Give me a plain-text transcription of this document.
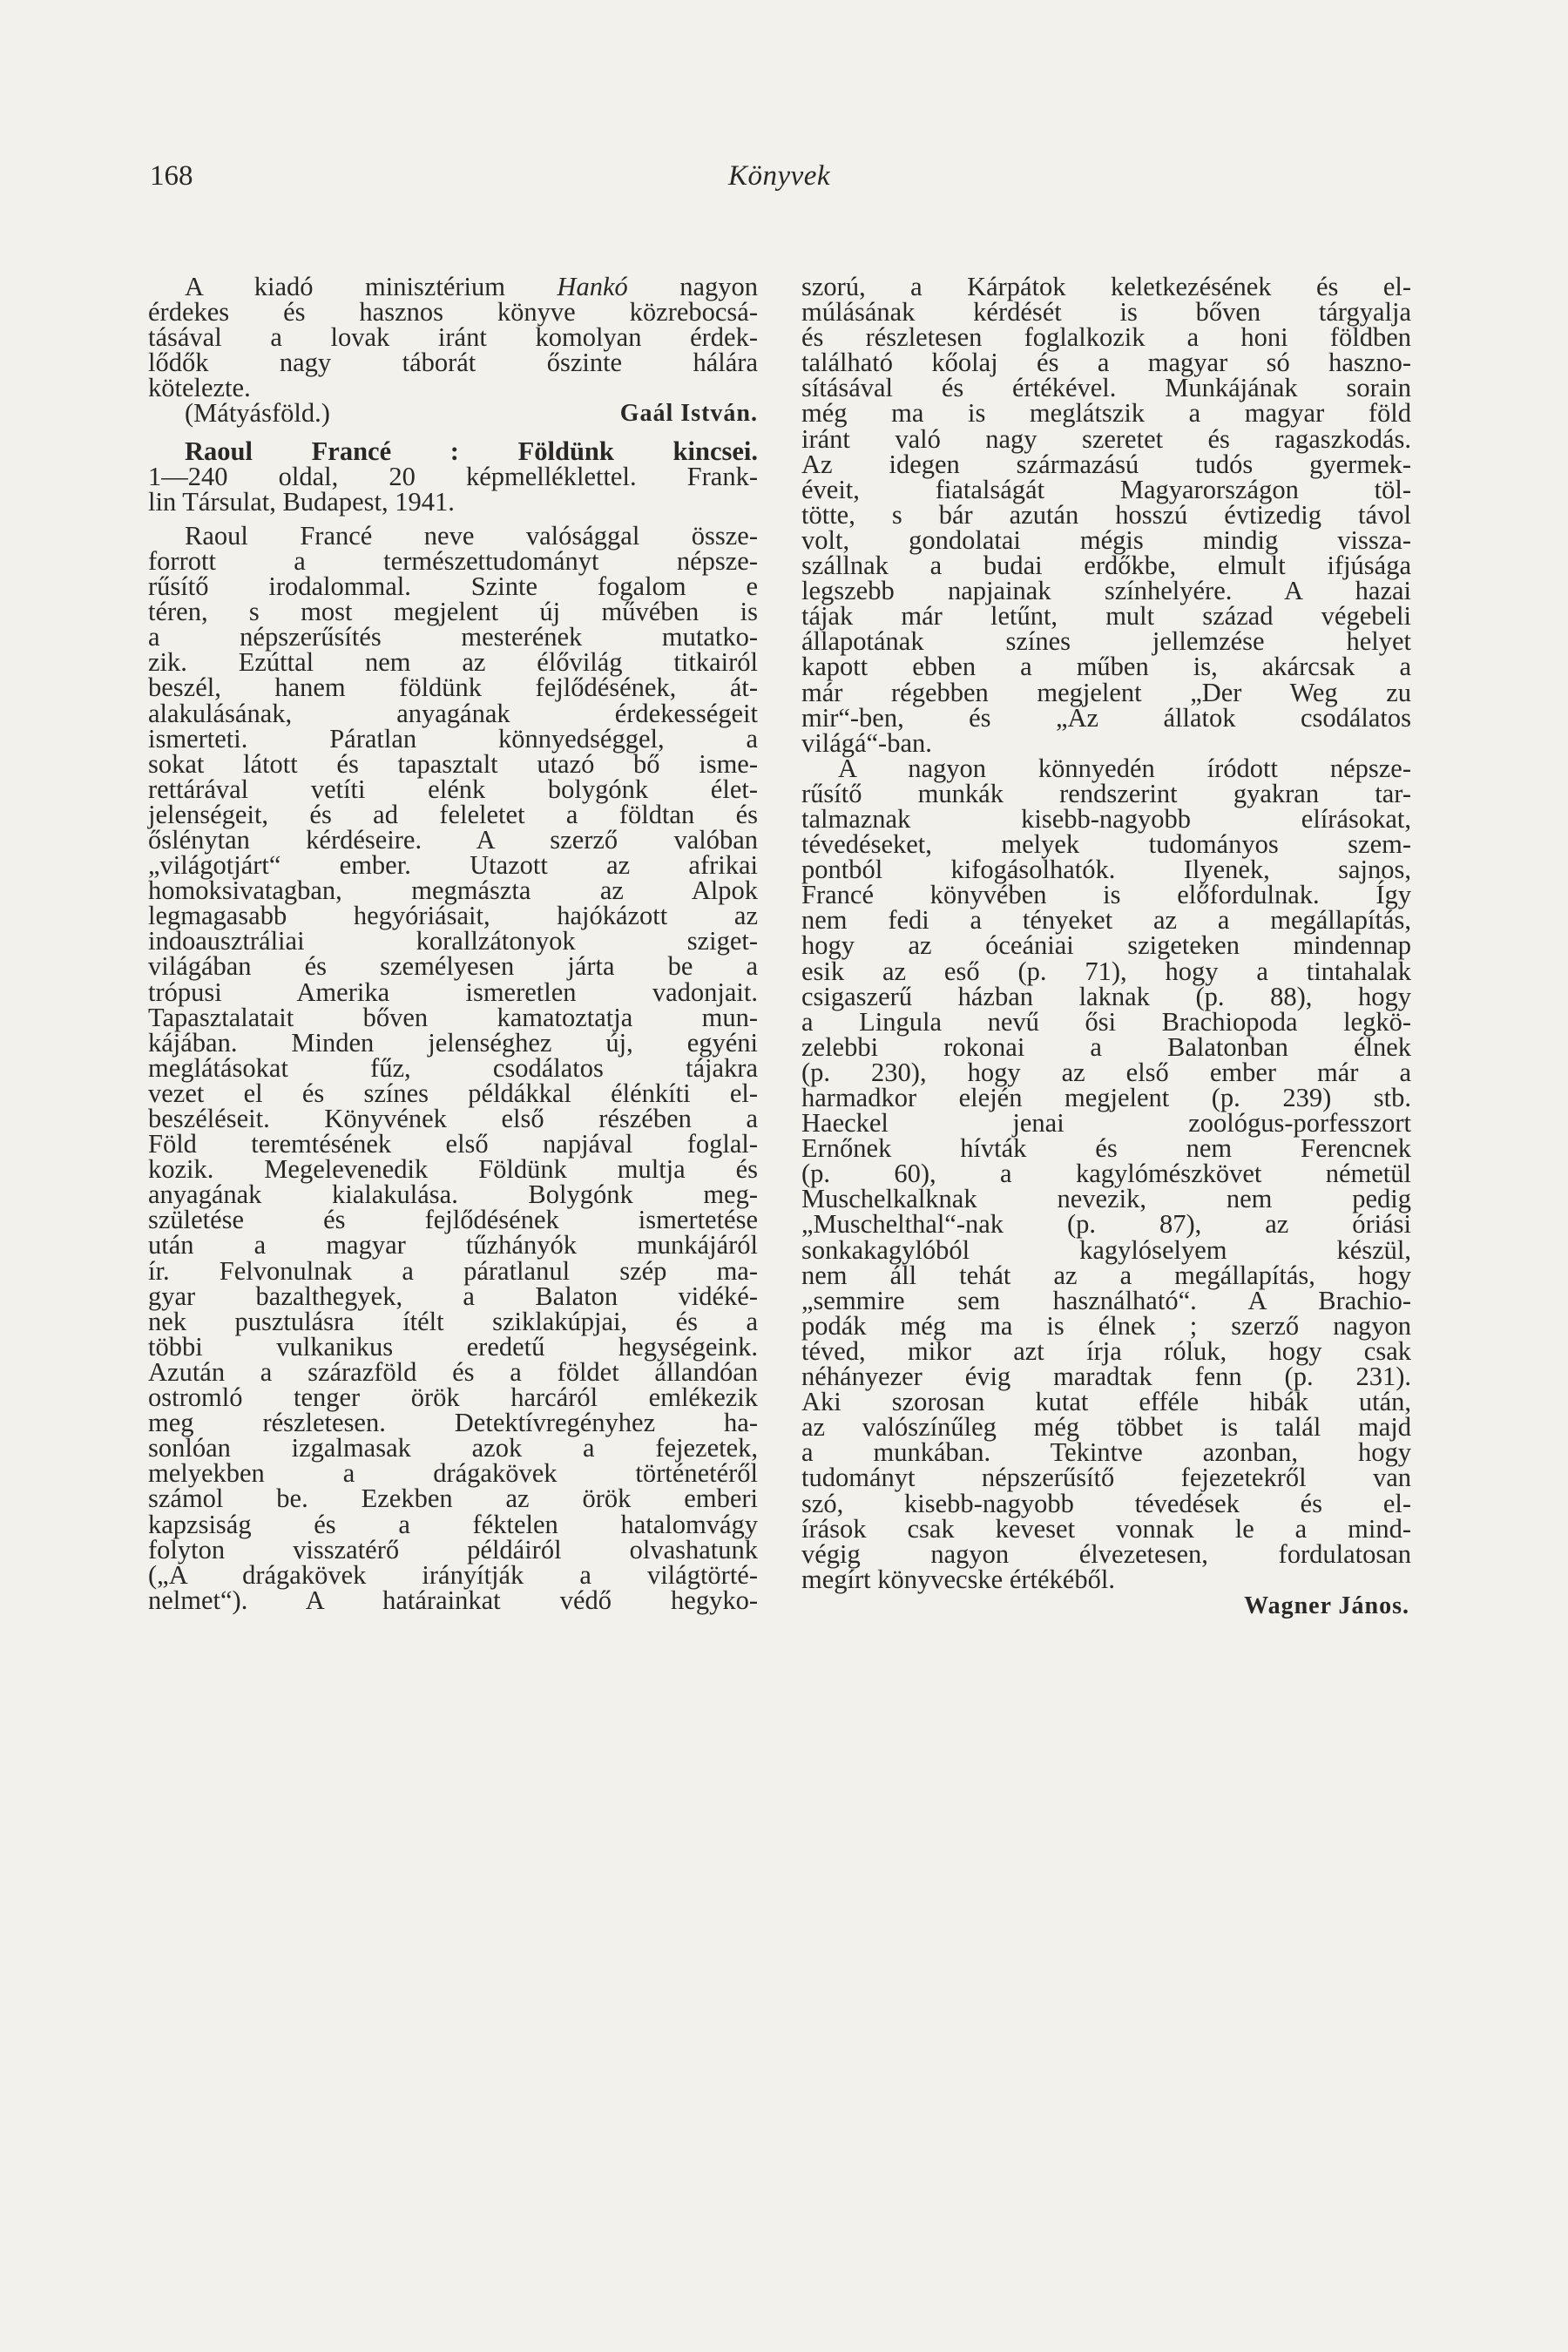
168	Könyvek
A kiadó minisztérium Hankó nagyon
érdekes és hasznos könyve közrebocsá-
tásával a lovak iránt komolyan érdek-
lődők nagy táborát őszinte hálára
kötelezte.
(Mátyásföld.)	Gaál István.
Raoul Francé : Földünk kincsei.
1—240 oldal, 20 képmelléklettel. Frank-
lin Társulat, Budapest, 1941.
Raoul Francé neve valósággal össze-
forrott a természettudományt népsze-
rűsítő irodalommal. Szinte fogalom e
téren, s most megjelent új művében is
a népszerűsítés mesterének mutatko-
zik. Ezúttal nem az élővilág titkairól
beszél, hanem földünk fejlődésének, át-
alakulásának, anyagának érdekességeit
ismerteti. Páratlan könnyedséggel, a
sokat látott és tapasztalt utazó bő isme-
rettárával vetíti elénk bolygónk élet-
jelenségeit, és ad feleletet a földtan és
őslénytan kérdéseire. A szerző valóban
„világotjárt“ ember. Utazott az afrikai
homoksivatagban, megmászta az Alpok
legmagasabb hegyóriásait, hajókázott az
indoausztráliai korallzátonyok sziget-
világában és személyesen járta be a
trópusi Amerika ismeretlen vadonjait.
Tapasztalatait bőven kamatoztatja mun-
kájában. Minden jelenséghez új, egyéni
meglátásokat fűz, csodálatos tájakra
vezet el és színes példákkal élénkíti el-
beszéléseit. Könyvének első részében a
Föld teremtésének első napjával foglal-
kozik. Megelevenedik Földünk multja és
anyagának kialakulása. Bolygónk meg-
születése és fejlődésének ismertetése
után a magyar tűzhányók munkájáról
ír. Felvonulnak a páratlanul szép ma-
gyar bazalthegyek, a Balaton vidéké-
nek pusztulásra ítélt sziklakúpjai, és a
többi vulkanikus eredetű hegységeink.
Azután a szárazföld és a földet állandóan
ostromló tenger örök harcáról emlékezik
meg részletesen. Detektívregényhez ha-
sonlóan izgalmasak azok a fejezetek,
melyekben a drágakövek történetéről
számol be. Ezekben az örök emberi
kapzsiság és a féktelen hatalomvágy
folyton visszatérő példáiról olvashatunk
(„A drágakövek irányítják a világtörté-
nelmet“). A határainkat védő hegyko-
szorú, a Kárpátok keletkezésének és el-
múlásának kérdését is bőven tárgyalja
és részletesen foglalkozik a honi földben
található kőolaj és a magyar só haszno-
sításával és értékével. Munkájának sorain
még ma is meglátszik a magyar föld
iránt való nagy szeretet és ragaszkodás.
Az idegen származású tudós gyermek-
éveit, fiatalságát Magyarországon töl-
tötte, s bár azután hosszú évtizedig távol
volt, gondolatai mégis mindig vissza-
szállnak a budai erdőkbe, elmult ifjúsága
legszebb napjainak színhelyére. A hazai
tájak már letűnt, mult század végebeli
állapotának színes jellemzése helyet
kapott ebben a műben is, akárcsak a
már régebben megjelent „Der Weg zu
mir“-ben, és „Az állatok csodálatos
világá“-ban.
A nagyon könnyedén íródott népsze-
rűsítő munkák rendszerint gyakran tar-
talmaznak kisebb-nagyobb elírásokat,
tévedéseket, melyek tudományos szem-
pontból kifogásolhatók. Ilyenek, sajnos,
Francé könyvében is előfordulnak. Így
nem fedi a tényeket az a megállapítás,
hogy az óceániai szigeteken mindennap
esik az eső (p. 71), hogy a tintahalak
csigaszerű házban laknak (p. 88), hogy
a Lingula nevű ősi Brachiopoda legkö-
zelebbi rokonai a Balatonban élnek
(p. 230), hogy az első ember már a
harmadkor elején megjelent (p. 239) stb.
Haeckel jenai zoológus-porfesszort
Ernőnek hívták és nem Ferencnek
(p. 60), a kagylómészkövet németül
Muschelkalknak nevezik, nem pedig
„Muschelthal“-nak (p. 87), az óriási
sonkakagylóból kagylóselyem készül,
nem áll tehát az a megállapítás, hogy
„semmire sem használható“. A Brachio-
podák még ma is élnek ; szerző nagyon
téved, mikor azt írja róluk, hogy csak
néhányezer évig maradtak fenn (p. 231).
Aki szorosan kutat efféle hibák után,
az valószínűleg még többet is talál majd
a munkában. Tekintve azonban, hogy
tudományt népszerűsítő fejezetekről van
szó, kisebb-nagyobb tévedések és el-
írások csak keveset vonnak le a mind-
végig nagyon élvezetesen, fordulatosan
megírt könyvecske értékéből.
Wagner János.
